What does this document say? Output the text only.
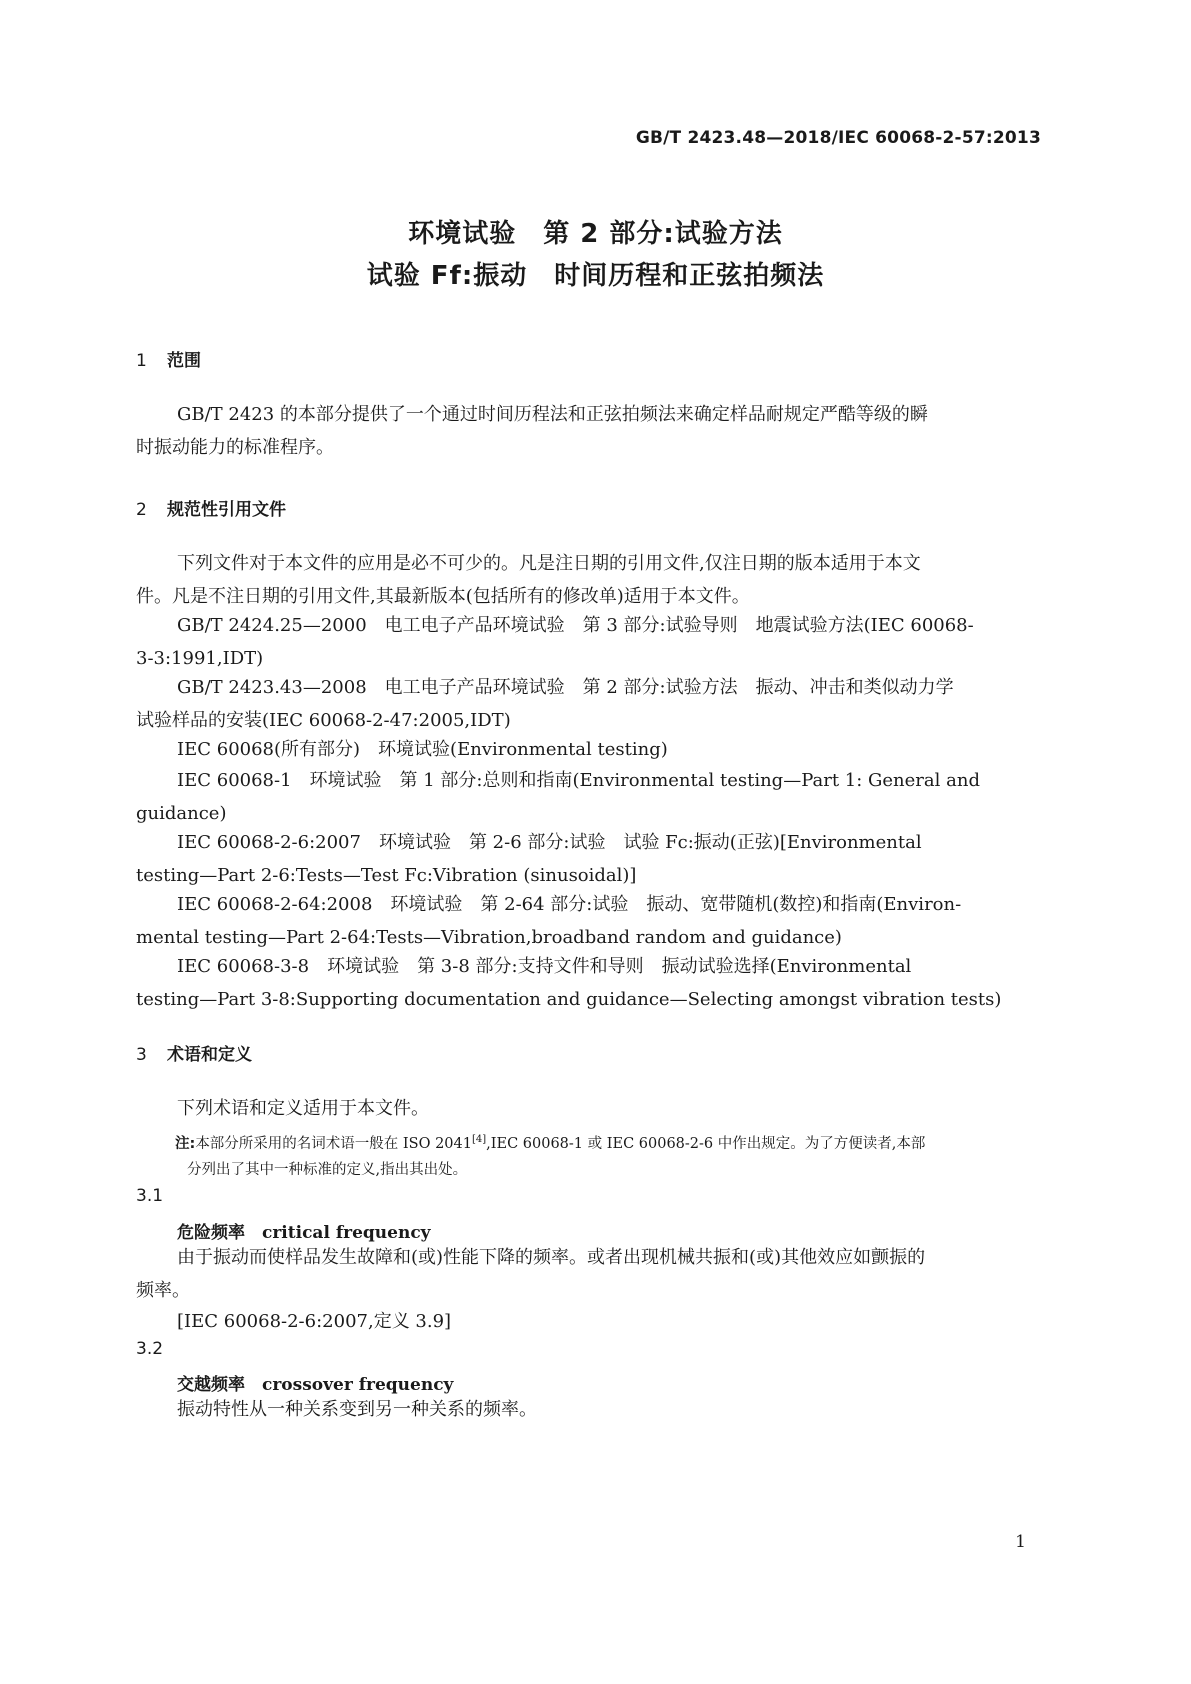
GB/T 2423.48—2018/IEC 60068-2-57:2013
环境试验　第 2 部分:试验方法
试验 Ff:振动　时间历程和正弦拍频法
1 范围
GB/T 2423 的本部分提供了一个通过时间历程法和正弦拍频法来确定样品耐规定严酷等级的瞬
时振动能力的标准程序。
2 规范性引用文件
下列文件对于本文件的应用是必不可少的。凡是注日期的引用文件,仅注日期的版本适用于本文
件。凡是不注日期的引用文件,其最新版本(包括所有的修改单)适用于本文件。
GB/T 2424.25—2000　电工电子产品环境试验　第 3 部分:试验导则　地震试验方法(IEC 60068-
3-3:1991,IDT)
GB/T 2423.43—2008　电工电子产品环境试验　第 2 部分:试验方法　振动、冲击和类似动力学
试验样品的安装(IEC 60068-2-47:2005,IDT)
IEC 60068(所有部分)　环境试验(Environmental testing)
IEC 60068-1　环境试验　第 1 部分:总则和指南(Environmental testing—Part 1: General and
guidance)
IEC 60068-2-6:2007　环境试验　第 2-6 部分:试验　试验 Fc:振动(正弦)[Environmental
testing—Part 2-6:Tests—Test Fc:Vibration (sinusoidal)]
IEC 60068-2-64:2008　环境试验　第 2-64 部分:试验　振动、宽带随机(数控)和指南(Environ-
mental testing—Part 2-64:Tests—Vibration,broadband random and guidance)
IEC 60068-3-8　环境试验　第 3-8 部分:支持文件和导则　振动试验选择(Environmental
testing—Part 3-8:Supporting documentation and guidance—Selecting amongst vibration tests)
3 术语和定义
下列术语和定义适用于本文件。
注:本部分所采用的名词术语一般在 ISO 2041[4],IEC 60068-1 或 IEC 60068-2-6 中作出规定。为了方便读者,本部
分列出了其中一种标准的定义,指出其出处。
3.1
危险频率　 critical frequency
由于振动而使样品发生故障和(或)性能下降的频率。或者出现机械共振和(或)其他效应如颤振的
频率。
[IEC 60068-2-6:2007,定义 3.9]
3.2
交越频率　 crossover frequency
振动特性从一种关系变到另一种关系的频率。
1
